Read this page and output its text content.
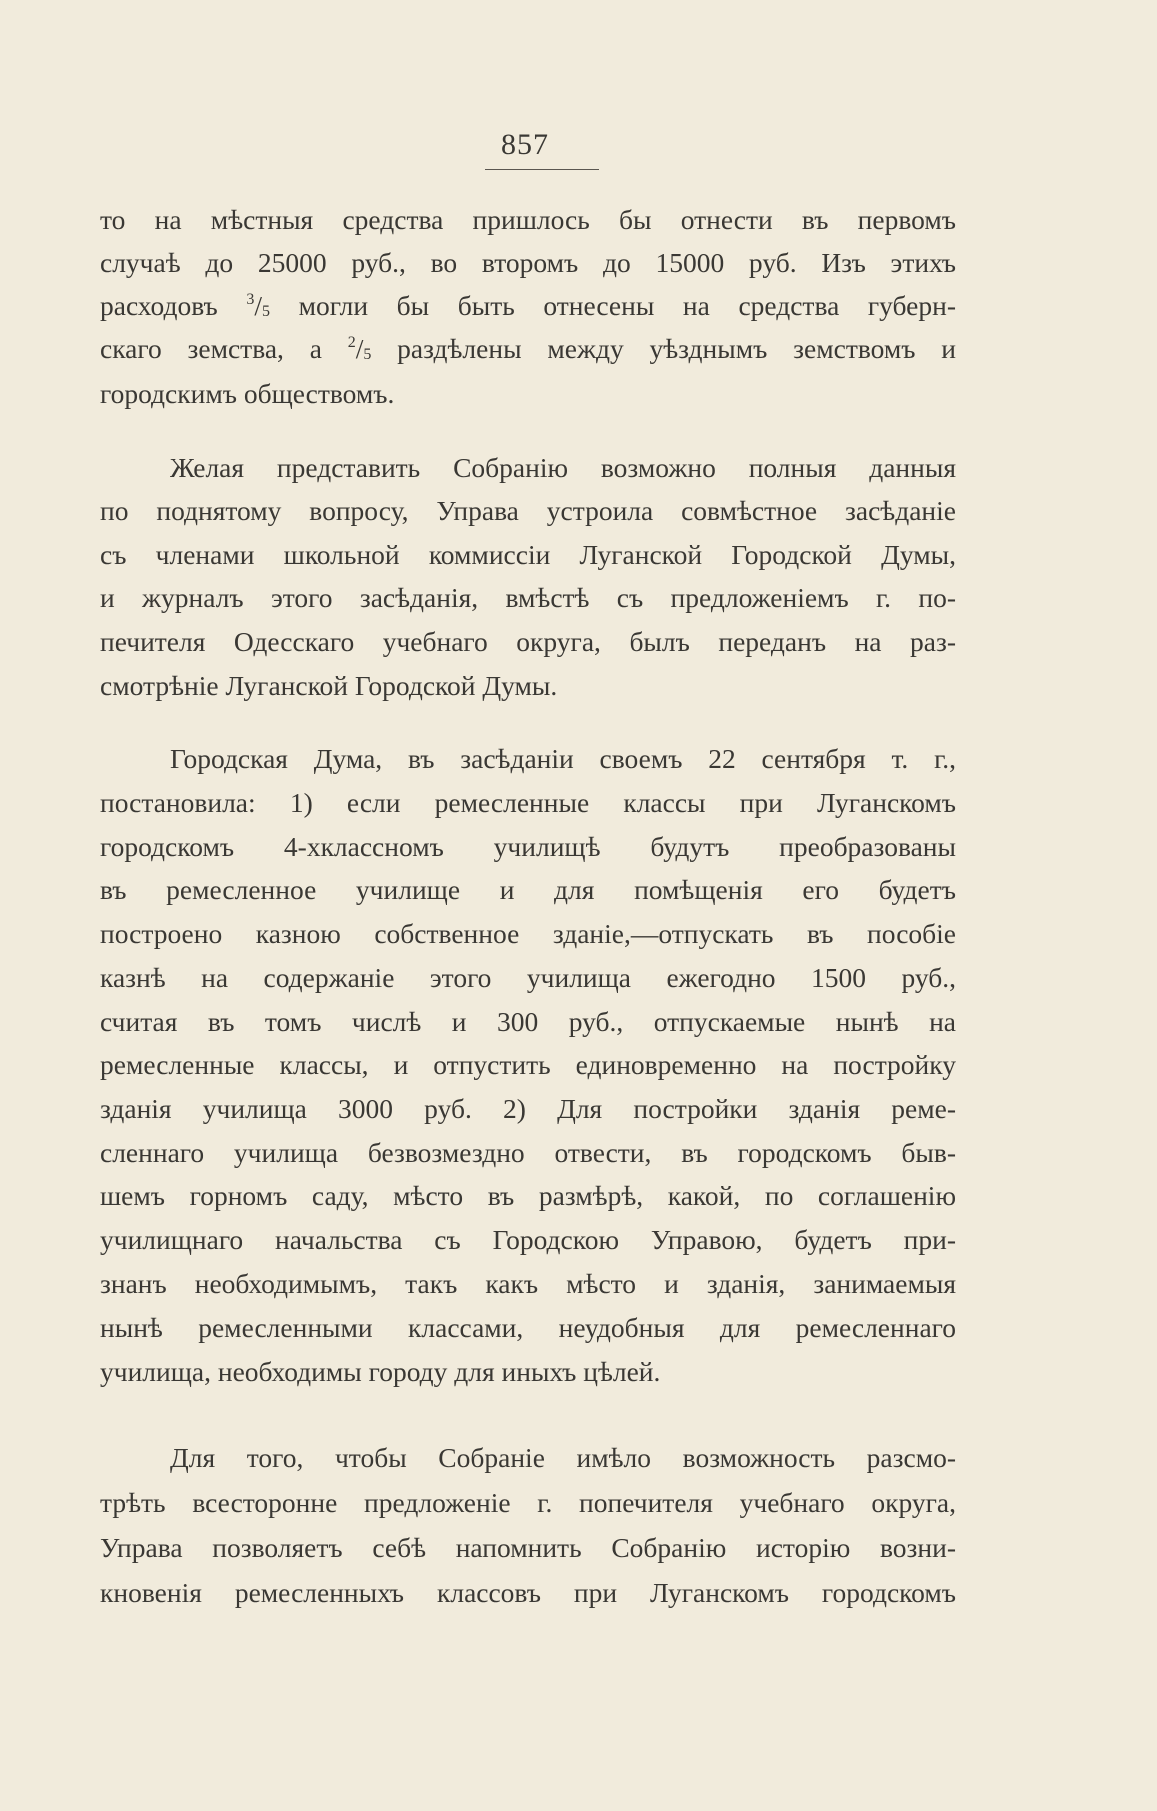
857
то на мѣстныя средства пришлось бы отнести въ первомъ
случаѣ до 25000 руб., во второмъ до 15000 руб. Изъ этихъ
расходовъ $^3/_5$ могли бы быть отнесены на средства губерн-
скаго земства, а $^2/_5$ раздѣлены между уѣзднымъ земствомъ и
городскимъ обществомъ.
Желая представить Собранію возможно полныя данныя
по поднятому вопросу, Управа устроила совмѣстное засѣданіе
съ членами школьной коммиссіи Луганской Городской Думы,
и журналъ этого засѣданія, вмѣстѣ съ предложеніемъ г. по-
печителя Одесскаго учебнаго округа, былъ переданъ на раз-
смотрѣніе Луганской Городской Думы.
Городская Дума, въ засѣданіи своемъ 22 сентября т. г.,
постановила: 1) если ремесленные классы при Луганскомъ
городскомъ 4-хклассномъ училищѣ будутъ преобразованы
въ ремесленное училище и для помѣщенія его будетъ
построено казною собственное зданіе,—отпускать въ пособіе
казнѣ на содержаніе этого училища ежегодно 1500 руб.,
считая въ томъ числѣ и 300 руб., отпускаемые нынѣ на
ремесленные классы, и отпустить единовременно на постройку
зданія училища 3000 руб. 2) Для постройки зданія реме-
сленнаго училища безвозмездно отвести, въ городскомъ быв-
шемъ горномъ саду, мѣсто въ размѣрѣ, какой, по соглашенію
училищнаго начальства съ Городскою Управою, будетъ при-
знанъ необходимымъ, такъ какъ мѣсто и зданія, занимаемыя
нынѣ ремесленными классами, неудобныя для ремесленнаго
училища, необходимы городу для иныхъ цѣлей.
Для того, чтобы Собраніе имѣло возможность разсмо-
трѣть всесторонне предложеніе г. попечителя учебнаго округа,
Управа позволяетъ себѣ напомнить Собранію исторію возни-
кновенія ремесленныхъ классовъ при Луганскомъ городскомъ
